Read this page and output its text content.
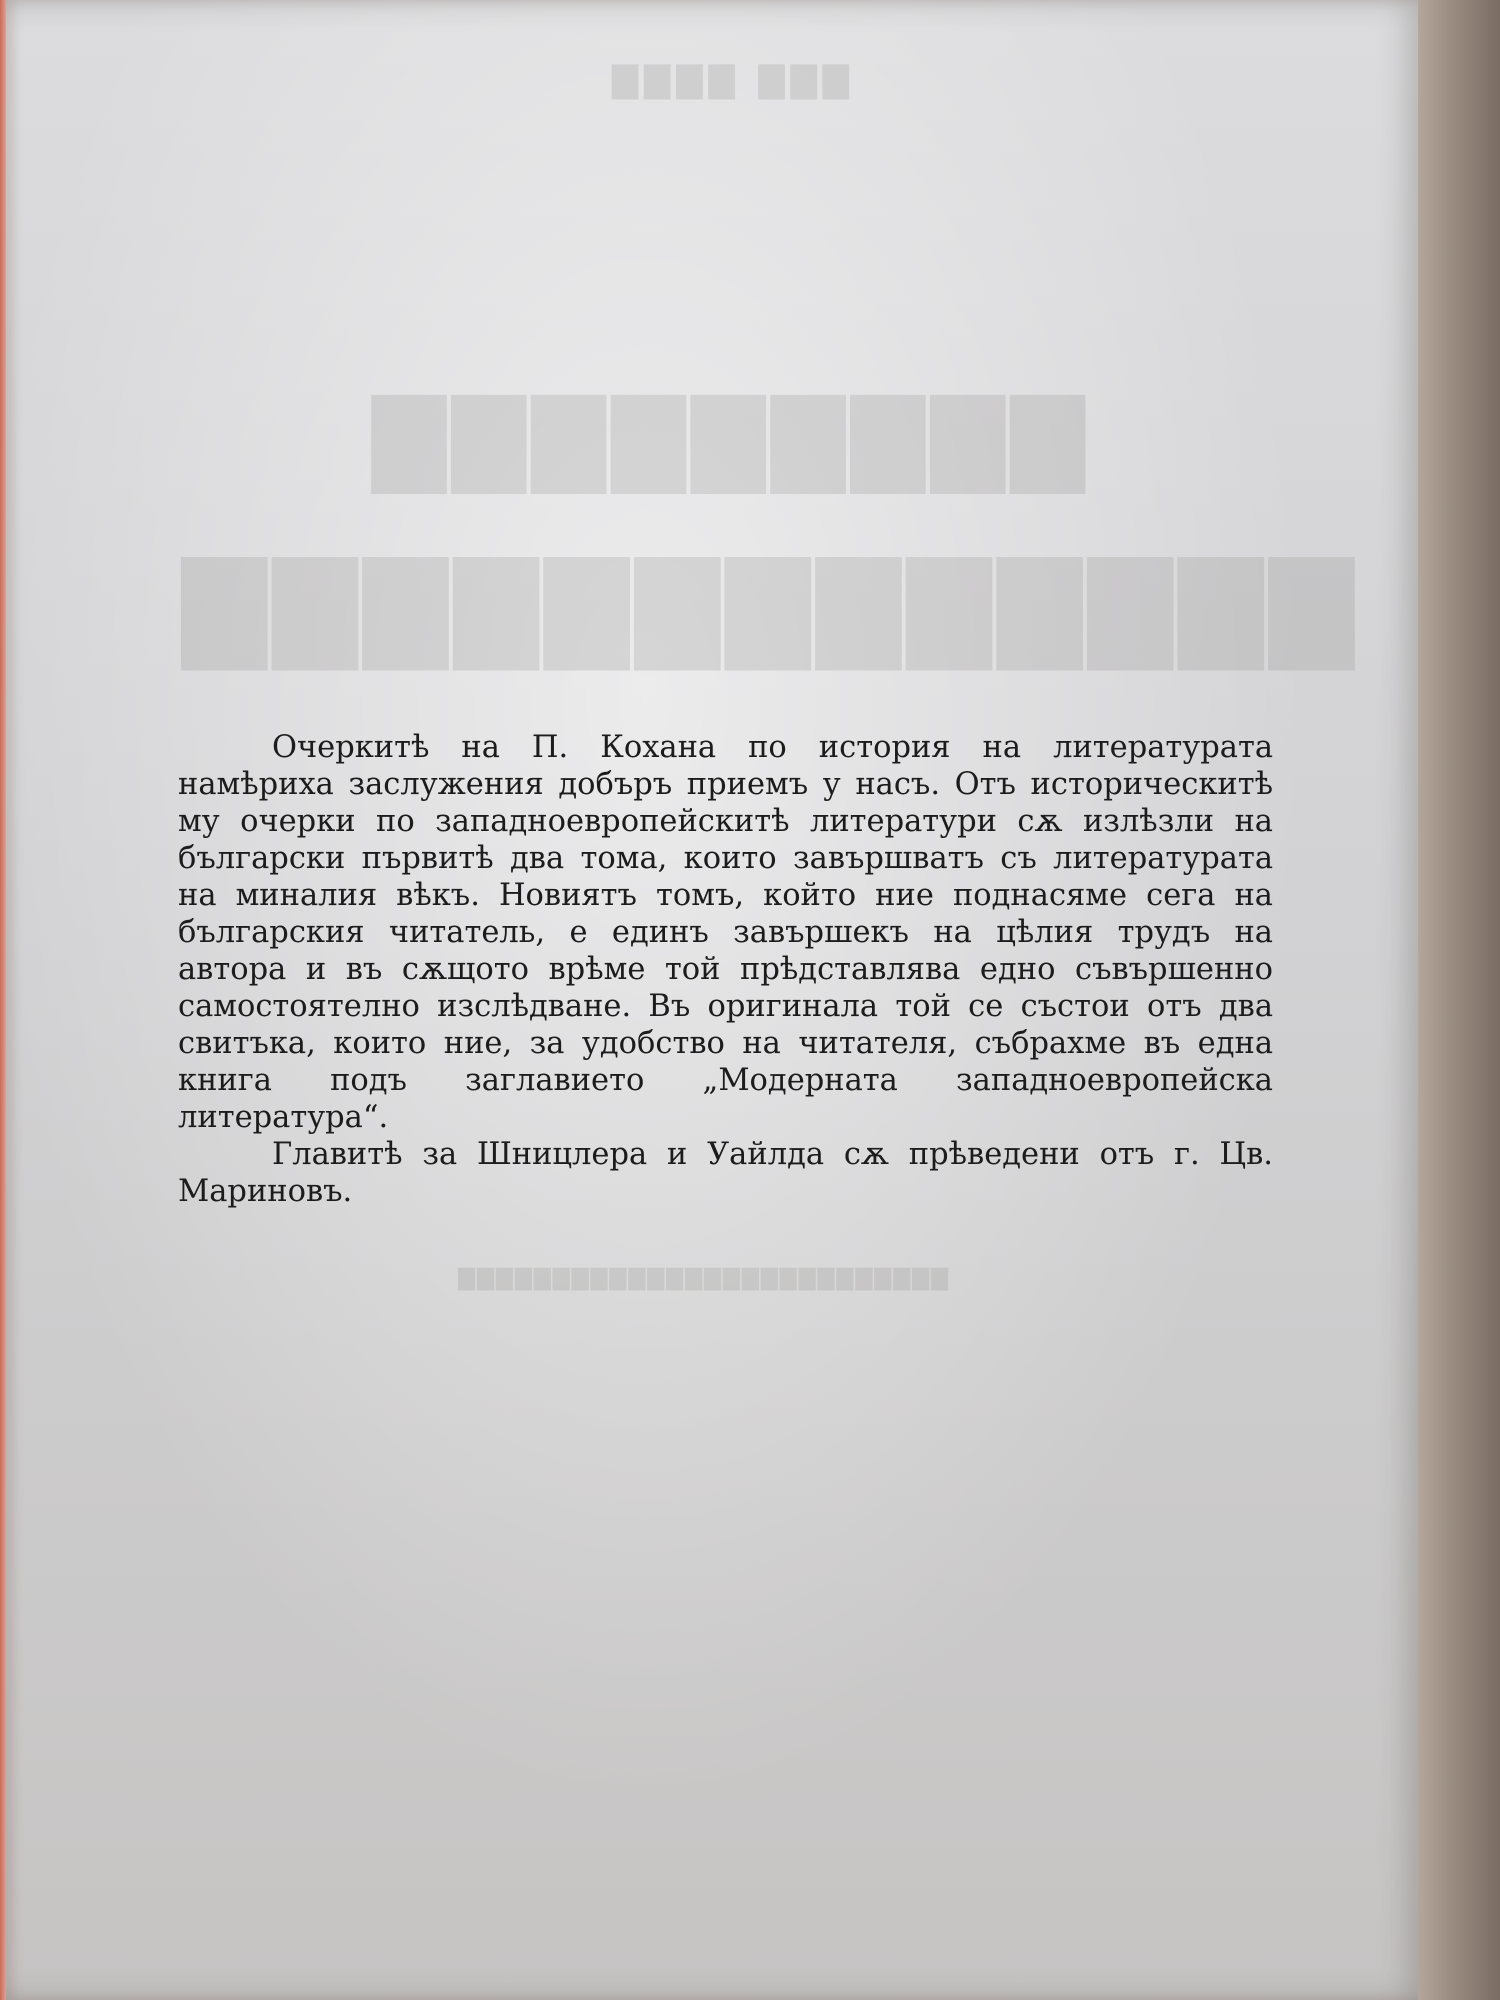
▇▇▇ ▇▇▇▇
▇▇▇▇▇▇▇▇▇
▇▇▇▇▇▇▇▇▇▇▇▇▇
▇▇▇▇▇▇▇▇▇▇▇▇▇▇▇▇▇▇▇▇▇▇▇▇▇▇

Очеркитѣ на П. Кохана по история на литературата намѣриха заслужения добъръ приемъ у насъ. Отъ историческитѣ му очерки по западноевропейскитѣ литератури сѫ излѣзли на български първитѣ два тома, които завършватъ съ литературата на миналия вѣкъ. Новиятъ томъ, който ние поднасяме сега на българския читатель, е единъ завършекъ на цѣлия трудъ на автора и въ сѫщото врѣме той прѣдставлява едно съвършенно самостоятелно изслѣдване. Въ оригинала той се състои отъ два свитъка, които ние, за удобство на читателя, събрахме въ една книга подъ заглавието „Модерната западноевропейска литература“.

Главитѣ за Шницлера и Уайлда сѫ прѣведени отъ г. Цв. Мариновъ.
